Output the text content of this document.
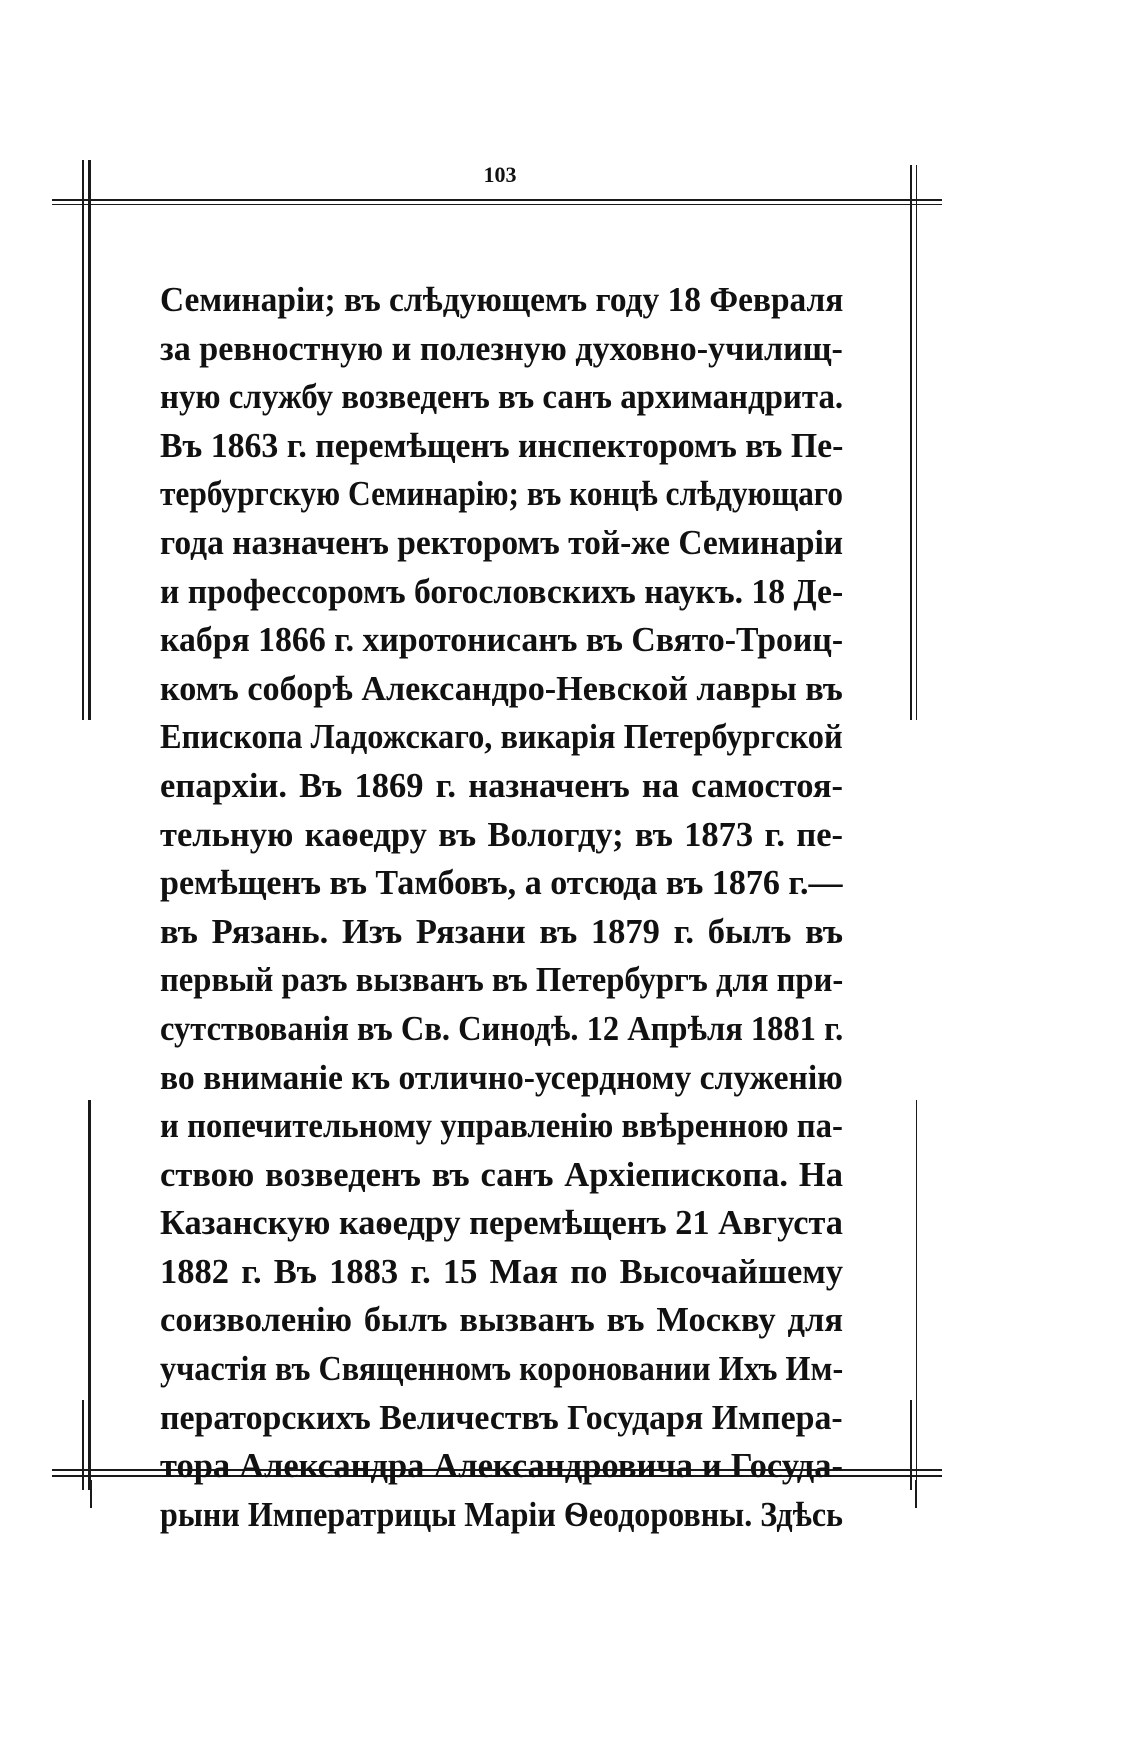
103
Семинаріи; въ слѣдующемъ году 18 Февраля
за ревностную и полезную духовно-училищ-
ную службу возведенъ въ санъ архимандрита.
Въ 1863 г. перемѣщенъ инспекторомъ въ Пе-
тербургскую Семинарію; въ концѣ слѣдующаго
года назначенъ ректоромъ той-же Семинаріи
и профессоромъ богословскихъ наукъ. 18 Де-
кабря 1866 г. хиротонисанъ въ Свято-Троиц-
комъ соборѣ Александро-Невской лавры въ
Епископа Ладожскаго, викарія Петербургской
епархіи. Въ 1869 г. назначенъ на самостоя-
тельную каѳедру въ Вологду; въ 1873 г. пе-
ремѣщенъ въ Тамбовъ, а отсюда въ 1876 г.—
въ Рязань. Изъ Рязани въ 1879 г. былъ въ
первый разъ вызванъ въ Петербургъ для при-
сутствованія въ Св. Синодѣ. 12 Апрѣля 1881 г.
во вниманіе къ отлично-усердному служенію
и попечительному управленію ввѣренною па-
ствою возведенъ въ санъ Архіепископа. На
Казанскую каѳедру перемѣщенъ 21 Августа
1882 г. Въ 1883 г. 15 Мая по Высочайшему
соизволенію былъ вызванъ въ Москву для
участія въ Священномъ короновании Ихъ Им-
ператорскихъ Величествъ Государя Импера-
тора Александра Александровича и Госуда-
рыни Императрицы Маріи Ѳеодоровны. Здѣсь
